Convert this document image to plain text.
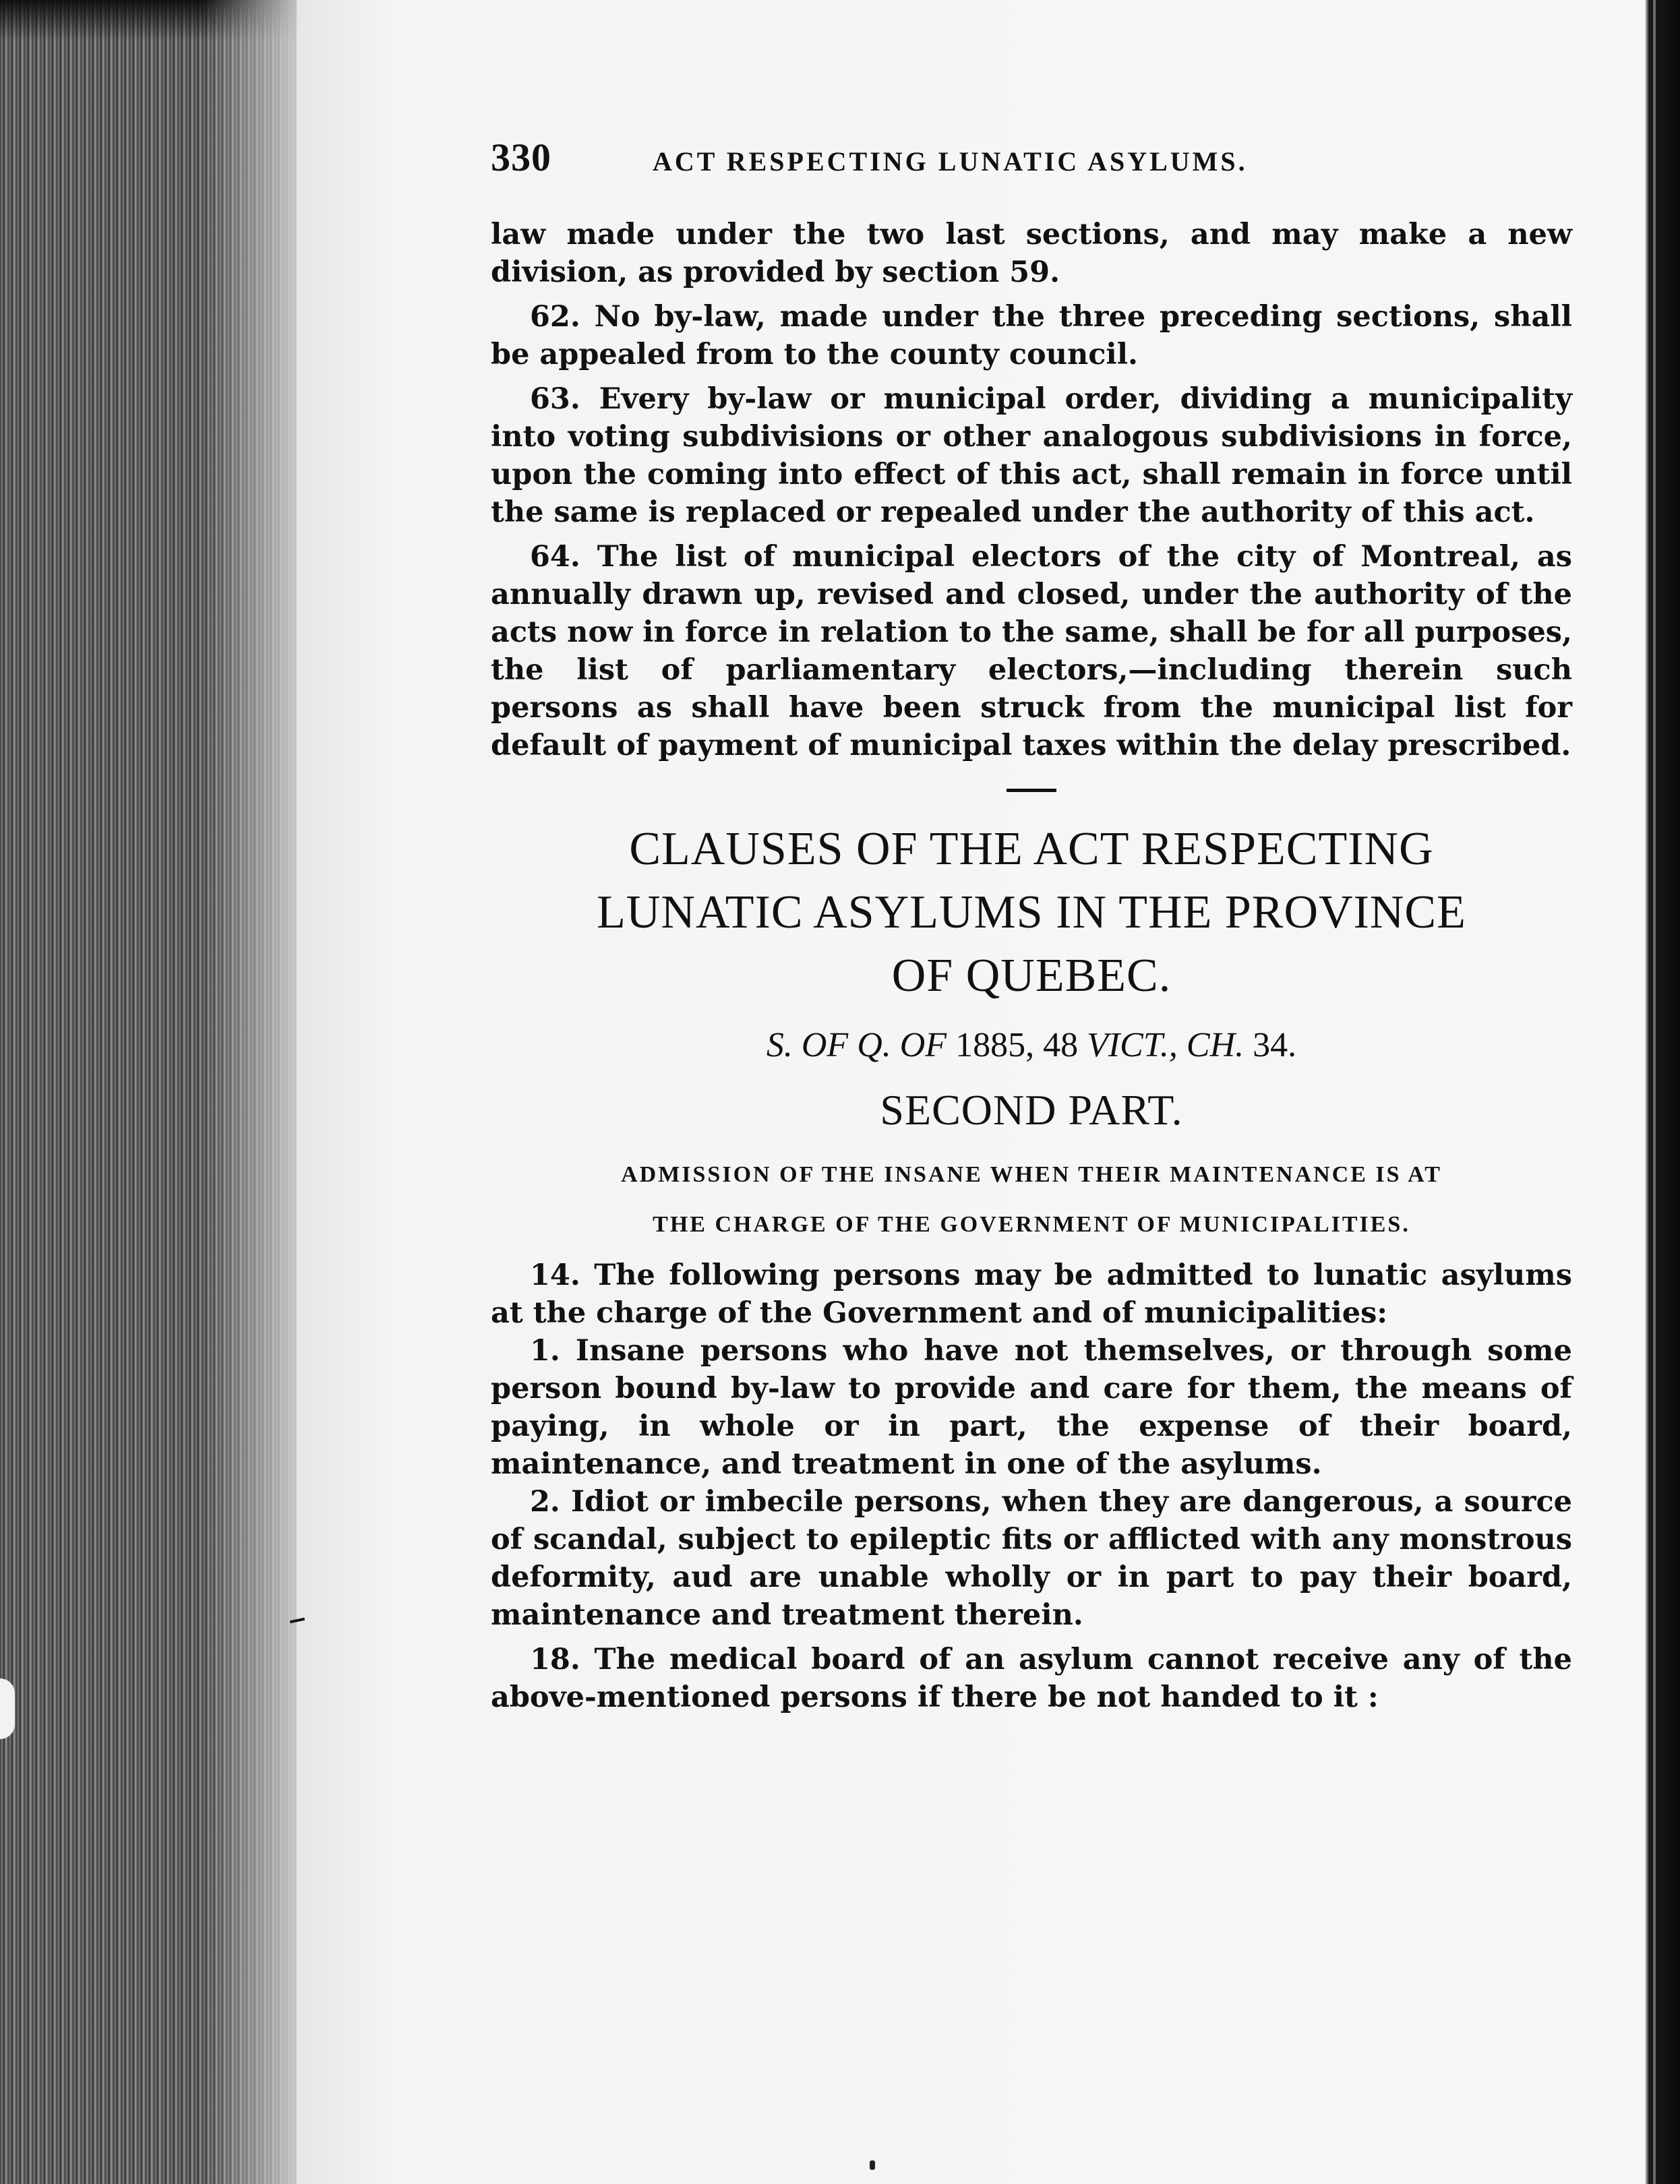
330	ACT RESPECTING LUNATIC ASYLUMS.

law made under the two last sections, and may make a new division, as provided by section 59.

62. No by-law, made under the three preceding sections, shall be appealed from to the county council.

63. Every by-law or municipal order, dividing a municipality into voting subdivisions or other analogous subdivisions in force, upon the coming into effect of this act, shall remain in force until the same is replaced or repealed under the authority of this act.

64. The list of municipal electors of the city of Montreal, as annually drawn up, revised and closed, under the authority of the acts now in force in relation to the same, shall be for all purposes, the list of parliamentary electors,—including therein such persons as shall have been struck from the municipal list for default of payment of municipal taxes within the delay prescribed.

CLAUSES OF THE ACT RESPECTING

LUNATIC ASYLUMS IN THE PROVINCE

OF QUEBEC.

S. OF Q. OF 1885, 48 VICT., CH. 34.

SECOND PART.

ADMISSION OF THE INSANE WHEN THEIR MAINTENANCE IS AT

THE CHARGE OF THE GOVERNMENT OF MUNICIPALITIES.

14. The following persons may be admitted to lunatic asylums at the charge of the Government and of municipalities:

1. Insane persons who have not themselves, or through some person bound by-law to provide and care for them, the means of paying, in whole or in part, the expense of their board, maintenance, and treatment in one of the asylums.

2. Idiot or imbecile persons, when they are dangerous, a source of scandal, subject to epileptic fits or afflicted with any monstrous deformity, aud are unable wholly or in part to pay their board, maintenance and treatment therein.

18. The medical board of an asylum cannot receive any of the above-mentioned persons if there be not handed to it :
